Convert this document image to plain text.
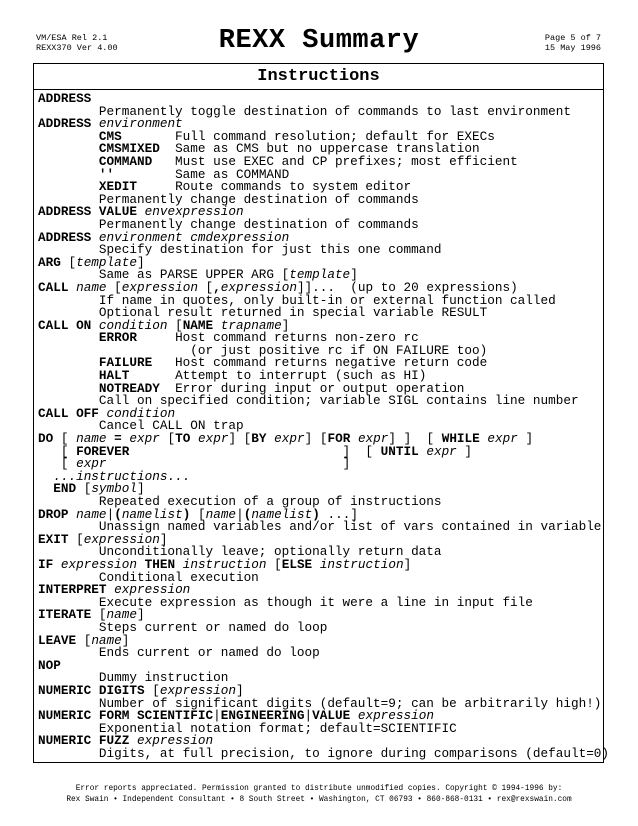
VM/ESA Rel 2.1
REXX370 Ver 4.00	REXX Summary	Page 5 of 7
15 May 1996
Instructions
ADDRESS
Permanently toggle destination of commands to last environment
ADDRESS environment
CMS       Full command resolution; default for EXECs
CMSMIXED  Same as CMS but no uppercase translation
COMMAND   Must use EXEC and CP prefixes; most efficient
''        Same as COMMAND
XEDIT     Route commands to system editor
Permanently change destination of commands
ADDRESS VALUE envexpression
Permanently change destination of commands
ADDRESS environment cmdexpression
Specify destination for just this one command
ARG [template]
Same as PARSE UPPER ARG [template]
CALL name [expression [,expression]]...  (up to 20 expressions)
If name in quotes, only built-in or external function called
Optional result returned in special variable RESULT
CALL ON condition [NAME trapname]
ERROR     Host command returns non-zero rc
(or just positive rc if ON FAILURE too)
FAILURE   Host command returns negative return code
HALT      Attempt to interrupt (such as HI)
NOTREADY  Error during input or output operation
Call on specified condition; variable SIGL contains line number
CALL OFF condition
Cancel CALL ON trap
DO [ name = expr [TO expr] [BY expr] [FOR expr] ]  [ WHILE expr ]
[ FOREVER                            ]  [ UNTIL expr ]
[ expr                               ]
...instructions...
END [symbol]
Repeated execution of a group of instructions
DROP name|(namelist) [name|(namelist) ...]
Unassign named variables and/or list of vars contained in variable
EXIT [expression]
Unconditionally leave; optionally return data
IF expression THEN instruction [ELSE instruction]
Conditional execution
INTERPRET expression
Execute expression as though it were a line in input file
ITERATE [name]
Steps current or named do loop
LEAVE [name]
Ends current or named do loop
NOP
Dummy instruction
NUMERIC DIGITS [expression]
Number of significant digits (default=9; can be arbitrarily high!)
NUMERIC FORM SCIENTIFIC|ENGINEERING|VALUE expression
Exponential notation format; default=SCIENTIFIC
NUMERIC FUZZ expression
Digits, at full precision, to ignore during comparisons (default=0)
Error reports appreciated. Permission granted to distribute unmodified copies. Copyright © 1994-1996 by:
Rex Swain • Independent Consultant • 8 South Street • Washington, CT 06793 • 860-868-0131 • rex@rexswain.com
